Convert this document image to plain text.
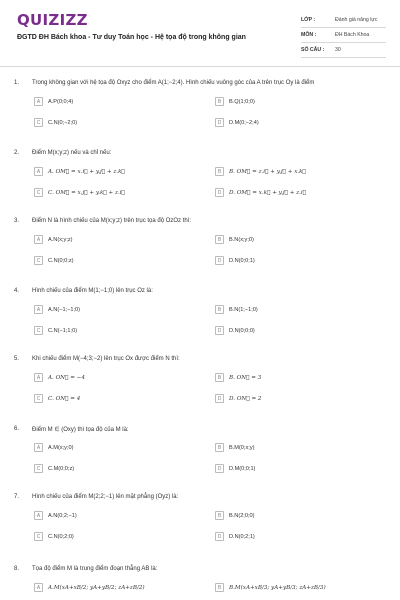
QUIZIZZ
ĐGTD ĐH Bách khoa - Tư duy Toán học - Hệ tọa độ trong không gian
LỚP :	Đánh giá năng lực
MÔN :	ĐH Bách Khoa
SỐ CÂU :	30
1. Trong không gian với hệ tọa độ Oxyz cho điểm A(1;−2;4). Hình chiếu vuông góc của A trên trục Oy là điểm
A	A.P(0;0;4)	B	B.Q(1;0;0)
C	C.N(0;−2;0)	D	D.M(0;−2;4)
2. Điểm M(x;y;z) nếu và chỉ nếu:
A	A. OM⃗ = x.i⃗ + y.j⃗ + z.k⃗	B	B. OM⃗ = z.i⃗ + y.j⃗ + x.k⃗
C	C. OM⃗ = x.j⃗ + y.k⃗ + z.i⃗	D	D. OM⃗ = x.k⃗ + y.j⃗ + z.i⃗
3. Điểm N là hình chiếu của M(x;y;z) trên trục tọa độ OzOz thì:
A	A.N(x;y;z)	B	B.N(x;y;0)
C	C.N(0;0;z)	D	D.N(0;0;1)
4. Hình chiếu của điểm M(1;−1;0) lên trục Oz là:
A	A.N(−1;−1;0)	B	B.N(1;−1;0)
C	C.N(−1;1;0)	D	D.N(0;0;0)
5. Khi chiếu điểm M(−4;3;−2) lên trục Ox được điểm N thì:
A	A. ON⃗ = −4	B	B. ON⃗ = 3
C	C. ON⃗ = 4	D	D. ON⃗ = 2
6. Điểm M ∈ (Oxy) thì tọa độ của M là:
A	A.M(x;y;0)	B	B.M(0;x;y)
C	C.M(0;0;z)	D	D.M(0;0;1)
7. Hình chiếu của điểm M(2;2;−1) lên mặt phẳng (Oyz) là:
A	A.N(0;2;−1)	B	B.N(2;0;0)
C	C.N(0;2;0)	D	D.N(0;2;1)
8. Tọa độ điểm M là trung điểm đoạn thẳng AB là:
A	A.M(xA+xB/2; yA+yB/2; zA+zB/2)	B	B.M(xA+xB/3; yA+yB/3; zA+zB/3)
